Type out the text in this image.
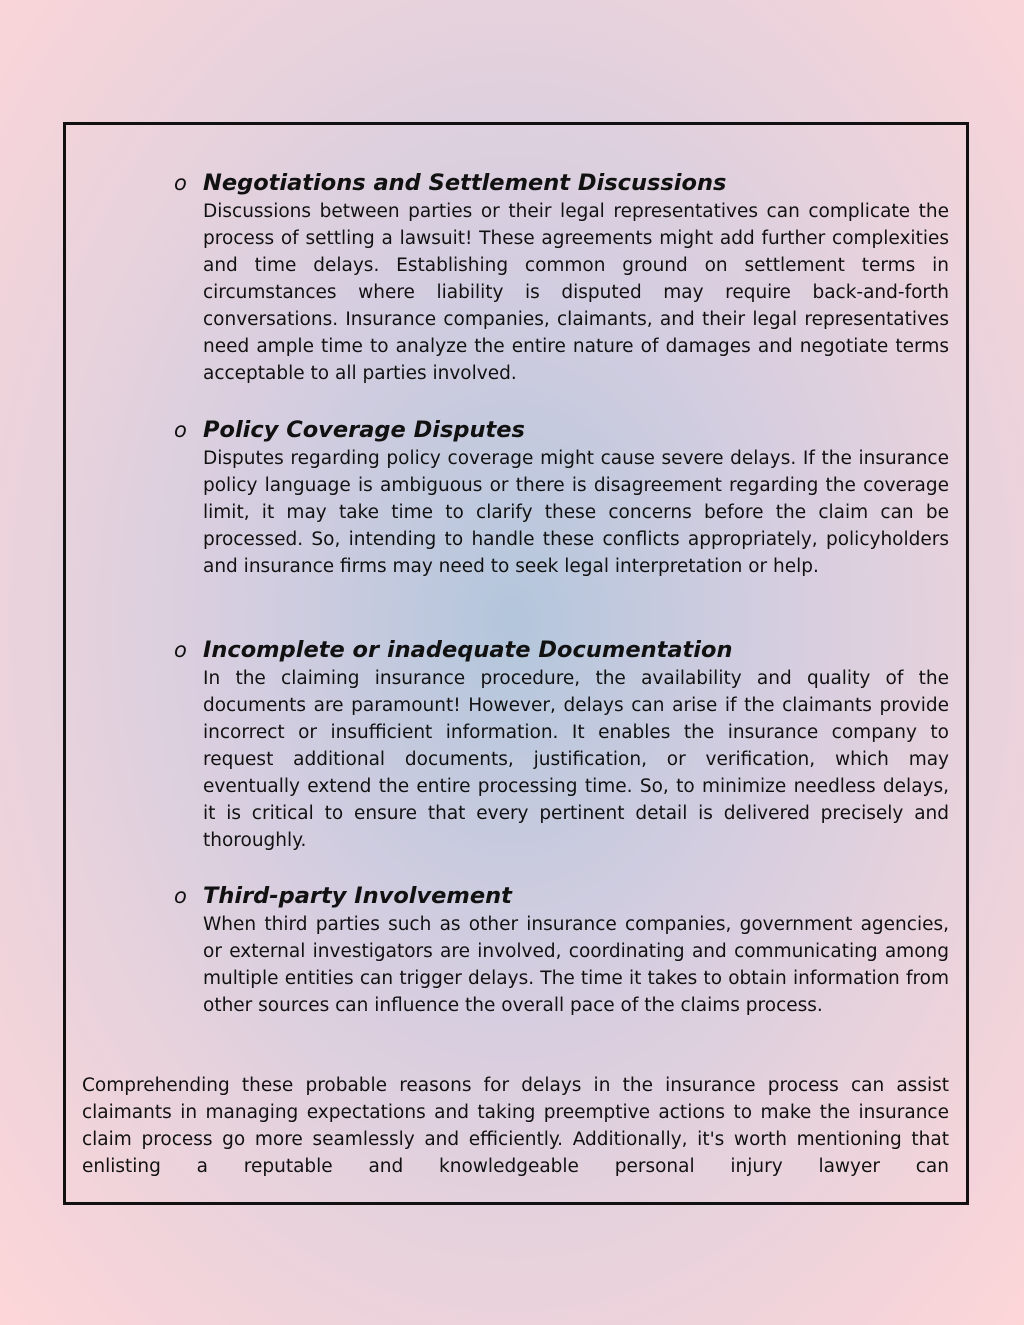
o Negotiations and Settlement Discussions
Discussions between parties or their legal representatives can complicate the process of settling a lawsuit! These agreements might add further complexities and time delays. Establishing common ground on settlement terms in circumstances where liability is disputed may require back-and-forth conversations. Insurance companies, claimants, and their legal representatives need ample time to analyze the entire nature of damages and negotiate terms acceptable to all parties involved.
o Policy Coverage Disputes
Disputes regarding policy coverage might cause severe delays. If the insurance policy language is ambiguous or there is disagreement regarding the coverage limit, it may take time to clarify these concerns before the claim can be processed. So, intending to handle these conflicts appropriately, policyholders and insurance firms may need to seek legal interpretation or help.
o Incomplete or inadequate Documentation
In the claiming insurance procedure, the availability and quality of the documents are paramount! However, delays can arise if the claimants provide incorrect or insufficient information. It enables the insurance company to request additional documents, justification, or verification, which may eventually extend the entire processing time. So, to minimize needless delays, it is critical to ensure that every pertinent detail is delivered precisely and thoroughly.
o Third-party Involvement
When third parties such as other insurance companies, government agencies, or external investigators are involved, coordinating and communicating among multiple entities can trigger delays. The time it takes to obtain information from other sources can influence the overall pace of the claims process.
Comprehending these probable reasons for delays in the insurance process can assist claimants in managing expectations and taking preemptive actions to make the insurance claim process go more seamlessly and efficiently. Additionally, it's worth mentioning that enlisting a reputable and knowledgeable personal injury lawyer can
